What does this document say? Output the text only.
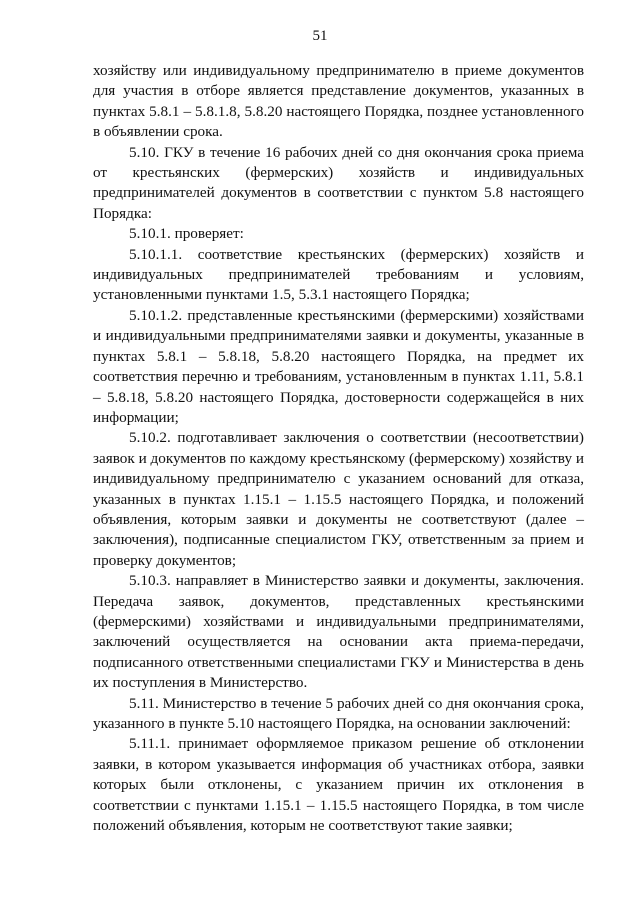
51

хозяйству или индивидуальному предпринимателю в приеме документов для участия в отборе является представление документов, указанных в пунктах 5.8.1 – 5.8.1.8, 5.8.20 настоящего Порядка, позднее установленного в объявлении срока.

5.10. ГКУ в течение 16 рабочих дней со дня окончания срока приема от крестьянских (фермерских) хозяйств и индивидуальных предпринимателей документов в соответствии с пунктом 5.8 настоящего Порядка:

5.10.1. проверяет:

5.10.1.1. соответствие крестьянских (фермерских) хозяйств и индивидуальных предпринимателей требованиям и условиям, установленными пунктами 1.5, 5.3.1 настоящего Порядка;

5.10.1.2. представленные крестьянскими (фермерскими) хозяйствами и индивидуальными предпринимателями заявки и документы, указанные в пунктах 5.8.1 – 5.8.18, 5.8.20 настоящего Порядка, на предмет их соответствия перечню и требованиям, установленным в пунктах 1.11, 5.8.1 – 5.8.18, 5.8.20 настоящего Порядка, достоверности содержащейся в них информации;

5.10.2. подготавливает заключения о соответствии (несоответствии) заявок и документов по каждому крестьянскому (фермерскому) хозяйству и индивидуальному предпринимателю с указанием оснований для отказа, указанных в пунктах 1.15.1 – 1.15.5 настоящего Порядка, и положений объявления, которым заявки и документы не соответствуют (далее – заключения), подписанные специалистом ГКУ, ответственным за прием и проверку документов;

5.10.3. направляет в Министерство заявки и документы, заключения. Передача заявок, документов, представленных крестьянскими (фермерскими) хозяйствами и индивидуальными предпринимателями, заключений осуществляется на основании акта приема-передачи, подписанного ответственными специалистами ГКУ и Министерства в день их поступления в Министерство.

5.11. Министерство в течение 5 рабочих дней со дня окончания срока, указанного в пункте 5.10 настоящего Порядка, на основании заключений:

5.11.1. принимает оформляемое приказом решение об отклонении заявки, в котором указывается информация об участниках отбора, заявки которых были отклонены, с указанием причин их отклонения в соответствии с пунктами 1.15.1 – 1.15.5 настоящего Порядка, в том числе положений объявления, которым не соответствуют такие заявки;
